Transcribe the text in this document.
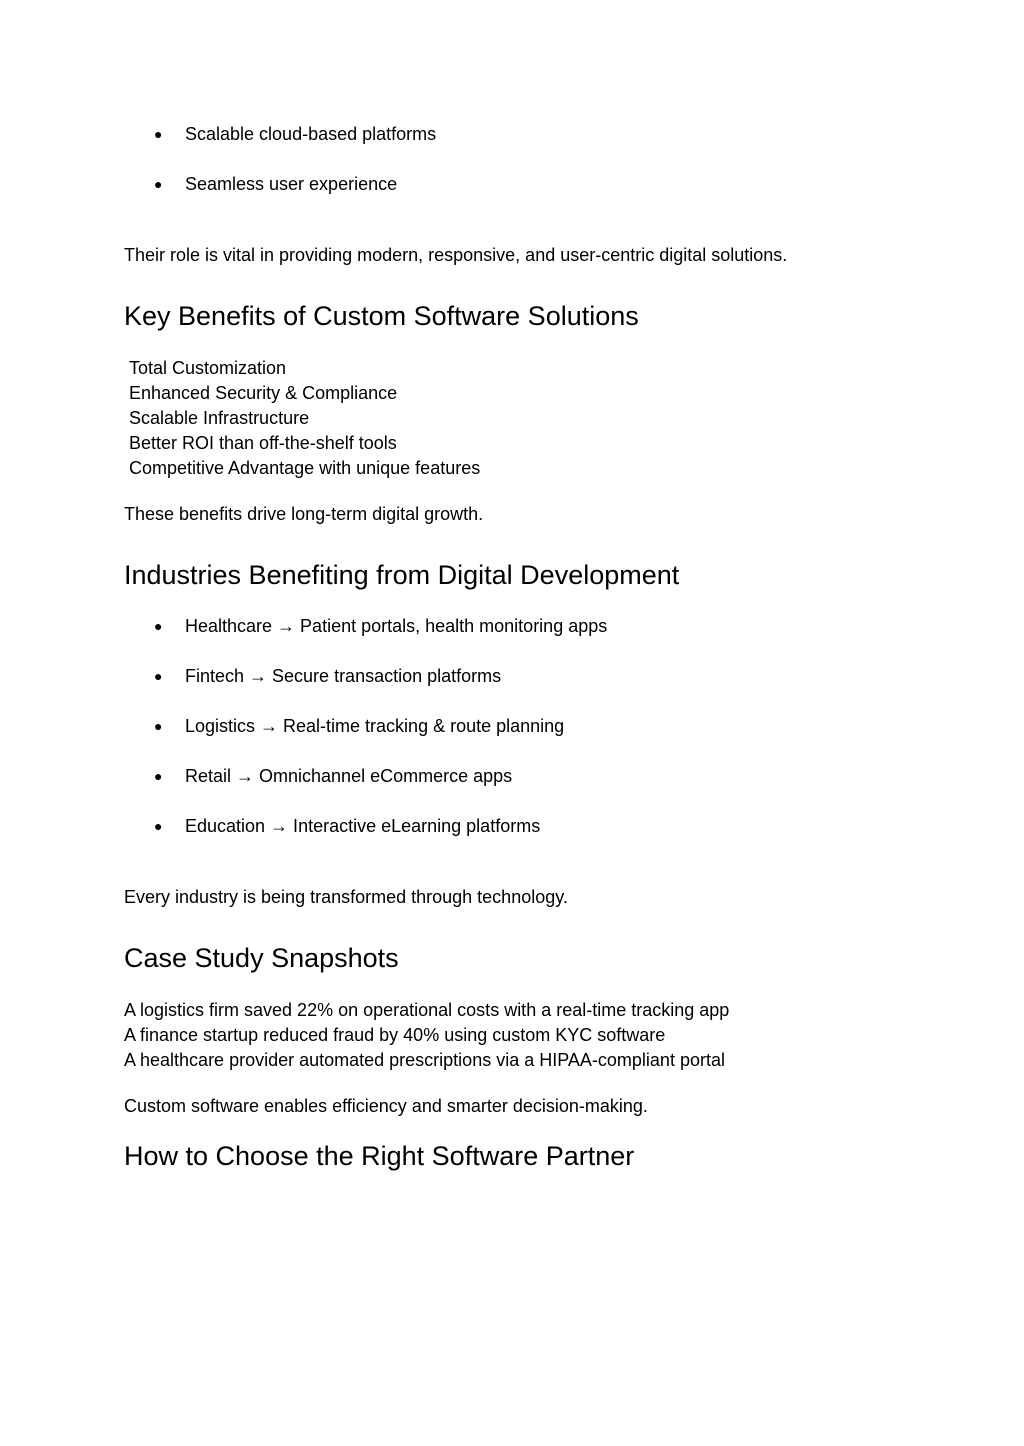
● Scalable cloud-based platforms

● Seamless user experience

Their role is vital in providing modern, responsive, and user-centric digital solutions.

Key Benefits of Custom Software Solutions

Total Customization

Enhanced Security & Compliance

Scalable Infrastructure

Better ROI than off-the-shelf tools

Competitive Advantage with unique features

These benefits drive long-term digital growth.

Industries Benefiting from Digital Development
● Healthcare → Patient portals, health monitoring apps

● Fintech → Secure transaction platforms

● Logistics → Real-time tracking & route planning

● Retail → Omnichannel eCommerce apps

● Education → Interactive eLearning platforms

Every industry is being transformed through technology.

Case Study Snapshots

A logistics firm saved 22% on operational costs with a real-time tracking app

A finance startup reduced fraud by 40% using custom KYC software

A healthcare provider automated prescriptions via a HIPAA-compliant portal

Custom software enables efficiency and smarter decision-making.

How to Choose the Right Software Partner
